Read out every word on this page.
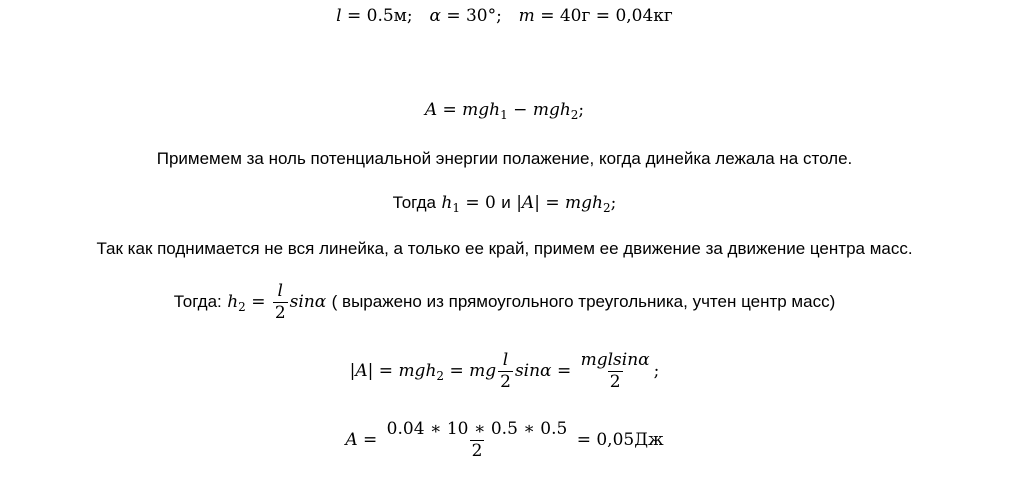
l = 0.5м; α = 30°; m = 40г = 0,04кг
A = mgh$_1$ − mgh$_2$;
Примемем за ноль потенциальной энергии полажение, когда динейка лежала на столе.
Тогда $h_1 = 0$ и |A| = mgh$_2$;
Так как поднимается не вся линейка, а только ее край, примем ее движение за движение центра масс.
Тогда: $h_2 = \frac{l}{2}$ sinα ( выражено из прямоугольного треугольника, учтен центр масс)
|A| = mgh$_2$ = mg $\frac{l}{2}$ $\sin\alpha = \frac{\text{mglsinα}}{2}$ ;
$A = \frac{0.04 ∗ 10 ∗ 0.5 ∗ 0.5}{2} = 0,05Дж$
